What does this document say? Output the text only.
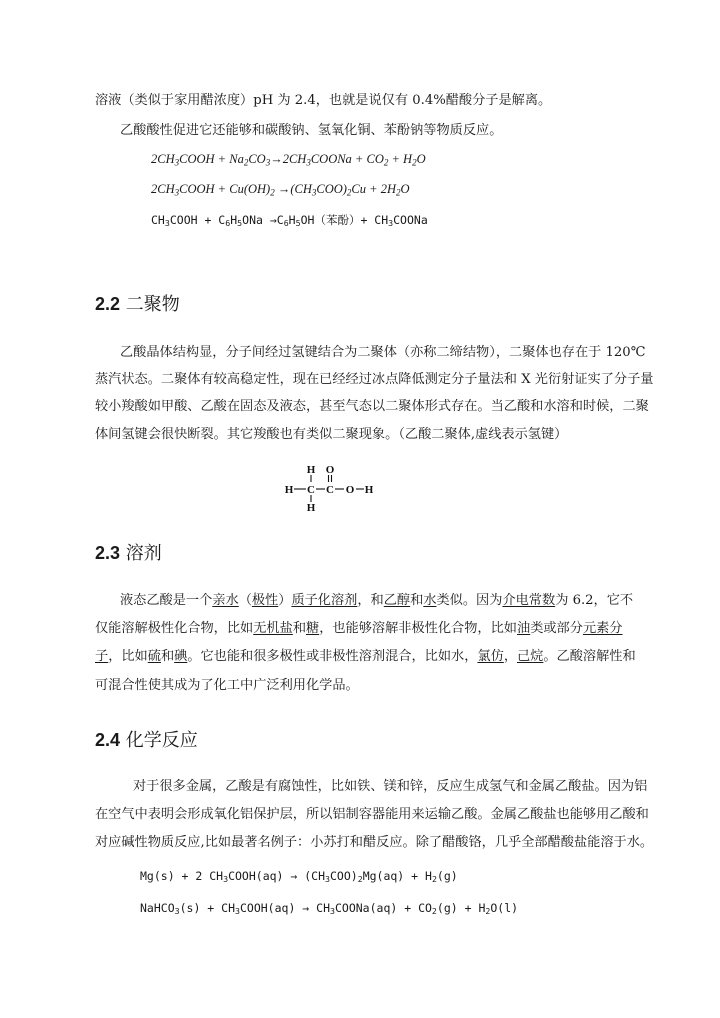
溶液（类似于家用醋浓度）pH 为 2.4，也就是说仅有 0.4%醋酸分子是解离。
乙酸酸性促进它还能够和碳酸钠、氢氧化铜、苯酚钠等物质反应。
$2CH_3COOH$ + $Na_2CO_3\to 2CH_3COONa + CO_2 + H_2O$
$2CH_3COOH + Cu(OH)_2 \to(CH_3COO)_2Cu + 2H_2O$
$CH_3COOH + C_6H_5ONa \to C_6H_5OH$（苯酚）+ $CH_3COONa$
2.2 二聚物
乙酸晶体结构显，分子间经过氢键结合为二聚体（亦称二缔结物），二聚体也存在于 120℃
蒸汽状态。二聚体有较高稳定性，现在已经经过冰点降低测定分子量法和 X 光衍射证实了分子量
较小羧酸如甲酸、乙酸在固态及液态，甚至气态以二聚体形式存在。当乙酸和水溶和时候，二聚
体间氢键会很快断裂。其它羧酸也有类似二聚现象。（乙酸二聚体,虚线表示氢键）
H
H C C
O
H
O H
2.3 溶剂
液态乙酸是一个亲水（极性）质子化溶剂，和乙醇和水类似。因为介电常数为 6.2，它不
仅能溶解极性化合物，比如无机盐和糖，也能够溶解非极性化合物，比如油类或部分元素分
子，比如硫和碘。它也能和很多极性或非极性溶剂混合，比如水，氯仿，己烷。乙酸溶解性和
可混合性使其成为了化工中广泛利用化学品。
2.4 化学反应
对于很多金属，乙酸是有腐蚀性，比如铁、镁和锌，反应生成氢气和金属乙酸盐。因为铝
在空气中表明会形成氧化铝保护层，所以铝制容器能用来运输乙酸。金属乙酸盐也能够用乙酸和
对应碱性物质反应,比如最著名例子：小苏打和醋反应。除了醋酸铬，几乎全部醋酸盐能溶于水。
Mg(s) + 2 $CH_3COOH(aq) \to (CH_3COO)_2Mg(aq) + H_2(g)$
NaHCO$_3$(s) + $CH_3COOH(aq)$ → $CH_3COONa(aq) + CO_2(g) + H_2O(l)$
